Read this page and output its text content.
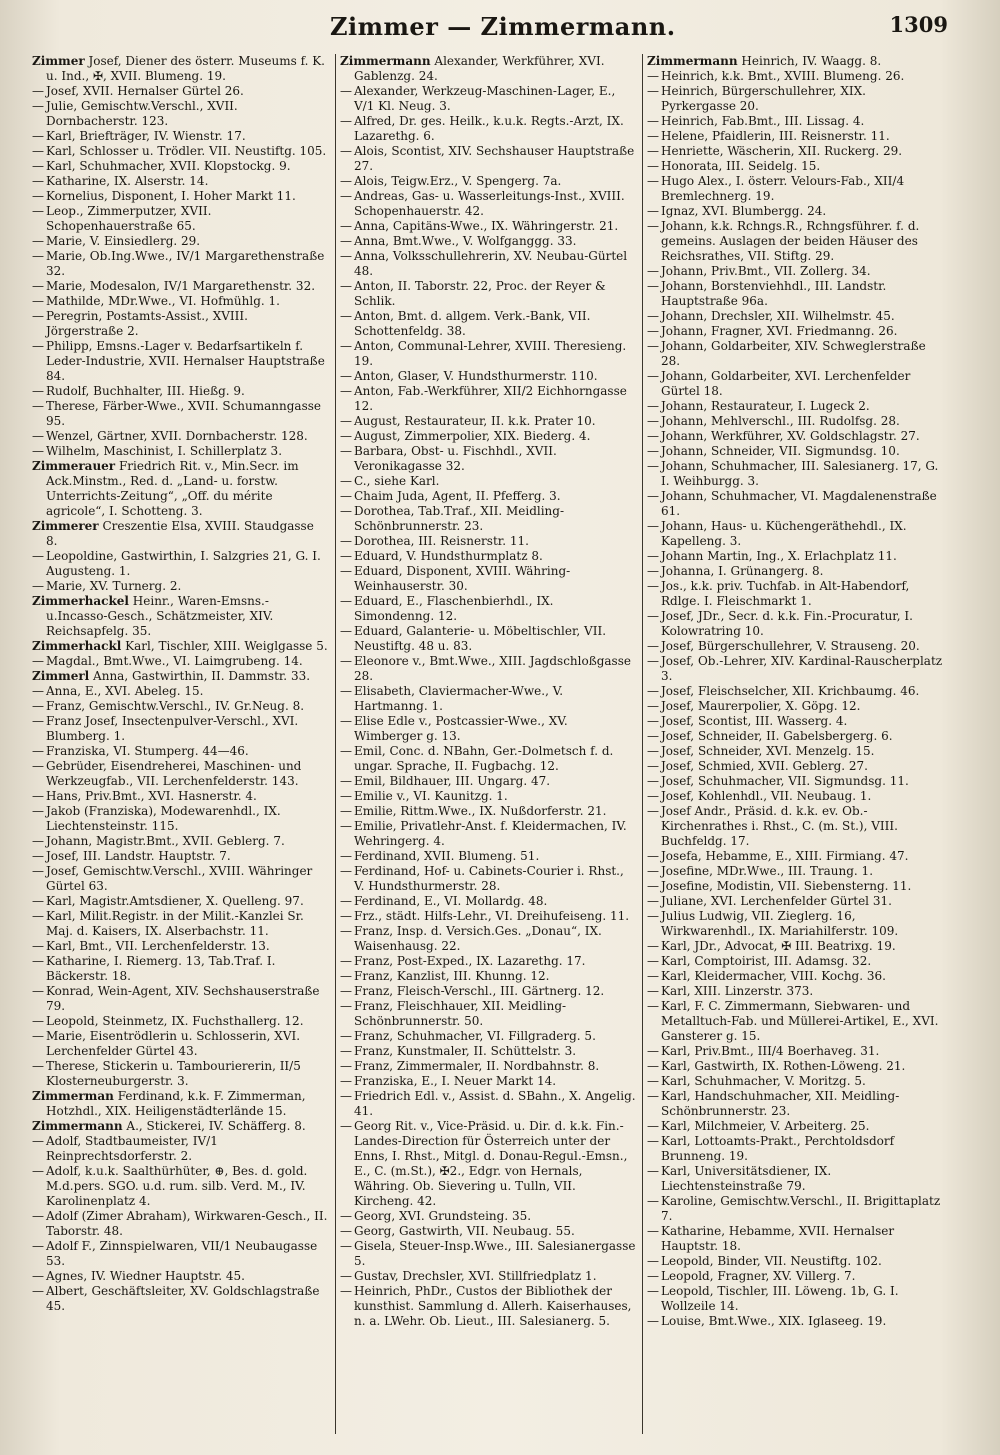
Zimmer — Zimmermann.	1309
Zimmer Josef, Diener des österr. Museums f. K. u. Ind., ✠, XVII. Blumeng. 19.
— Josef, XVII. Hernalser Gürtel 26.
— Julie, Gemischtw.Verschl., XVII. Dornbacherstr. 123.
— Karl, Briefträger, IV. Wienstr. 17.
— Karl, Schlosser u. Trödler. VII. Neustiftg. 105.
— Karl, Schuhmacher, XVII. Klopstockg. 9.
— Katharine, IX. Alserstr. 14.
— Kornelius, Disponent, I. Hoher Markt 11.
— Leop., Zimmerputzer, XVII. Schopenhauerstraße 65.
— Marie, V. Einsiedlerg. 29.
— Marie, Ob.Ing.Wwe., IV/1 Margarethenstraße 32.
— Marie, Modesalon, IV/1 Margarethenstr. 32.
— Mathilde, MDr.Wwe., VI. Hofmühlg. 1.
— Peregrin, Postamts-Assist., XVIII. Jörgerstraße 2.
— Philipp, Emsns.-Lager v. Bedarfsartikeln f. Leder-Industrie, XVII. Hernalser Hauptstraße 84.
— Rudolf, Buchhalter, III. Hießg. 9.
— Therese, Färber-Wwe., XVII. Schumanngasse 95.
— Wenzel, Gärtner, XVII. Dornbacherstr. 128.
— Wilhelm, Maschinist, I. Schillerplatz 3.
Zimmerauer Friedrich Rit. v., Min.Secr. im Ack.Minstm., Red. d. „Land- u. forstw. Unterrichts-Zeitung“, „Off. du mérite agricole“, I. Schotteng. 3.
Zimmerer Creszentie Elsa, XVIII. Staudgasse 8.
— Leopoldine, Gastwirthin, I. Salzgries 21, G. I. Augusteng. 1.
— Marie, XV. Turnerg. 2.
Zimmerhackel Heinr., Waren-Emsns.-u.Incasso-Gesch., Schätzmeister, XIV. Reichsapfelg. 35.
Zimmerhackl Karl, Tischler, XIII. Weiglgasse 5.
— Magdal., Bmt.Wwe., VI. Laimgrubeng. 14.
Zimmerl Anna, Gastwirthin, II. Dammstr. 33.
— Anna, E., XVI. Abeleg. 15.
— Franz, Gemischtw.Verschl., IV. Gr.Neug. 8.
— Franz Josef, Insectenpulver-Verschl., XVI. Blumberg. 1.
— Franziska, VI. Stumperg. 44—46.
— Gebrüder, Eisendreherei, Maschinen- und Werkzeugfab., VII. Lerchenfelderstr. 143.
— Hans, Priv.Bmt., XVI. Hasnerstr. 4.
— Jakob (Franziska), Modewarenhdl., IX. Liechtensteinstr. 115.
— Johann, Magistr.Bmt., XVII. Geblerg. 7.
— Josef, III. Landstr. Hauptstr. 7.
— Josef, Gemischtw.Verschl., XVIII. Währinger Gürtel 63.
— Karl, Magistr.Amtsdiener, X. Quelleng. 97.
— Karl, Milit.Registr. in der Milit.-Kanzlei Sr. Maj. d. Kaisers, IX. Alserbachstr. 11.
— Karl, Bmt., VII. Lerchenfelderstr. 13.
— Katharine, I. Riemerg. 13, Tab.Traf. I. Bäckerstr. 18.
— Konrad, Wein-Agent, XIV. Sechshauserstraße 79.
— Leopold, Steinmetz, IX. Fuchsthallerg. 12.
— Marie, Eisentrödlerin u. Schlosserin, XVI. Lerchenfelder Gürtel 43.
— Therese, Stickerin u. Tambouriererin, II/5 Klosterneuburgerstr. 3.
Zimmerman Ferdinand, k.k. F. Zimmerman, Hotzhdl., XIX. Heiligenstädterlände 15.
Zimmermann A., Stickerei, IV. Schäfferg. 8.
— Adolf, Stadtbaumeister, IV/1 Reinprechtsdorferstr. 2.
— Adolf, k.u.k. Saalthürhüter, ⊕, Bes. d. gold. M.d.pers. SGO. u.d. rum. silb. Verd. M., IV. Karolinenplatz 4.
— Adolf (Zimer Abraham), Wirkwaren-Gesch., II. Taborstr. 48.
— Adolf F., Zinnspielwaren, VII/1 Neubaugasse 53.
— Agnes, IV. Wiedner Hauptstr. 45.
— Albert, Geschäftsleiter, XV. Goldschlagstraße 45.
Zimmermann Alexander, Werkführer, XVI. Gablenzg. 24.
— Alexander, Werkzeug-Maschinen-Lager, E., V/1 Kl. Neug. 3.
— Alfred, Dr. ges. Heilk., k.u.k. Regts.-Arzt, IX. Lazarethg. 6.
— Alois, Scontist, XIV. Sechshauser Hauptstraße 27.
— Alois, Teigw.Erz., V. Spengerg. 7a.
— Andreas, Gas- u. Wasserleitungs-Inst., XVIII. Schopenhauerstr. 42.
— Anna, Capitäns-Wwe., IX. Währingerstr. 21.
— Anna, Bmt.Wwe., V. Wolfganggg. 33.
— Anna, Volksschullehrerin, XV. Neubau-Gürtel 48.
— Anton, II. Taborstr. 22, Proc. der Reyer & Schlik.
— Anton, Bmt. d. allgem. Verk.-Bank, VII. Schottenfeldg. 38.
— Anton, Communal-Lehrer, XVIII. Theresieng. 19.
— Anton, Glaser, V. Hundsthurmerstr. 110.
— Anton, Fab.-Werkführer, XII/2 Eichhorngasse 12.
— August, Restaurateur, II. k.k. Prater 10.
— August, Zimmerpolier, XIX. Biederg. 4.
— Barbara, Obst- u. Fischhdl., XVII. Veronikagasse 32.
— C., siehe Karl.
— Chaim Juda, Agent, II. Pfefferg. 3.
— Dorothea, Tab.Traf., XII. Meidling-Schönbrunnerstr. 23.
— Dorothea, III. Reisnerstr. 11.
— Eduard, V. Hundsthurmplatz 8.
— Eduard, Disponent, XVIII. Währing-Weinhauserstr. 30.
— Eduard, E., Flaschenbierhdl., IX. Simondenng. 12.
— Eduard, Galanterie- u. Möbeltischler, VII. Neustiftg. 48 u. 83.
— Eleonore v., Bmt.Wwe., XIII. Jagdschloßgasse 28.
— Elisabeth, Claviermacher-Wwe., V. Hartmanng. 1.
— Elise Edle v., Postcassier-Wwe., XV. Wimberger g. 13.
— Emil, Conc. d. NBahn, Ger.-Dolmetsch f. d. ungar. Sprache, II. Fugbachg. 12.
— Emil, Bildhauer, III. Ungarg. 47.
— Emilie v., VI. Kaunitzg. 1.
— Emilie, Rittm.Wwe., IX. Nußdorferstr. 21.
— Emilie, Privatlehr-Anst. f. Kleidermachen, IV. Wehringerg. 4.
— Ferdinand, XVII. Blumeng. 51.
— Ferdinand, Hof- u. Cabinets-Courier i. Rhst., V. Hundsthurmerstr. 28.
— Ferdinand, E., VI. Mollardg. 48.
— Frz., städt. Hilfs-Lehr., VI. Dreihufeiseng. 11.
— Franz, Insp. d. Versich.Ges. „Donau“, IX. Waisenhausg. 22.
— Franz, Post-Exped., IX. Lazarethg. 17.
— Franz, Kanzlist, III. Khunng. 12.
— Franz, Fleisch-Verschl., III. Gärtnerg. 12.
— Franz, Fleischhauer, XII. Meidling-Schönbrunnerstr. 50.
— Franz, Schuhmacher, VI. Fillgraderg. 5.
— Franz, Kunstmaler, II. Schüttelstr. 3.
— Franz, Zimmermaler, II. Nordbahnstr. 8.
— Franziska, E., I. Neuer Markt 14.
— Friedrich Edl. v., Assist. d. SBahn., X. Angelig. 41.
— Georg Rit. v., Vice-Präsid. u. Dir. d. k.k. Fin.-Landes-Direction für Österreich unter der Enns, I. Rhst., Mitgl. d. Donau-Regul.-Emsn., E., C. (m.St.), ✠2., Edgr. von Hernals, Währing. Ob. Sievering u. Tulln, VII. Kircheng. 42.
— Georg, XVI. Grundsteing. 35.
— Georg, Gastwirth, VII. Neubaug. 55.
— Gisela, Steuer-Insp.Wwe., III. Salesianergasse 5.
— Gustav, Drechsler, XVI. Stillfriedplatz 1.
— Heinrich, PhDr., Custos der Bibliothek der kunsthist. Sammlung d. Allerh. Kaiserhauses, n. a. LWehr. Ob. Lieut., III. Salesianerg. 5.
Zimmermann Heinrich, IV. Waagg. 8.
— Heinrich, k.k. Bmt., XVIII. Blumeng. 26.
— Heinrich, Bürgerschullehrer, XIX. Pyrkergasse 20.
— Heinrich, Fab.Bmt., III. Lissag. 4.
— Helene, Pfaidlerin, III. Reisnerstr. 11.
— Henriette, Wäscherin, XII. Ruckerg. 29.
— Honorata, III. Seidelg. 15.
— Hugo Alex., I. österr. Velours-Fab., XII/4 Bremlechnerg. 19.
— Ignaz, XVI. Blumbergg. 24.
— Johann, k.k. Rchngs.R., Rchngsführer. f. d. gemeins. Auslagen der beiden Häuser des Reichsrathes, VII. Stiftg. 29.
— Johann, Priv.Bmt., VII. Zollerg. 34.
— Johann, Borstenviehhdl., III. Landstr. Hauptstraße 96a.
— Johann, Drechsler, XII. Wilhelmstr. 45.
— Johann, Fragner, XVI. Friedmanng. 26.
— Johann, Goldarbeiter, XIV. Schweglerstraße 28.
— Johann, Goldarbeiter, XVI. Lerchenfelder Gürtel 18.
— Johann, Restaurateur, I. Lugeck 2.
— Johann, Mehlverschl., III. Rudolfsg. 28.
— Johann, Werkführer, XV. Goldschlagstr. 27.
— Johann, Schneider, VII. Sigmundsg. 10.
— Johann, Schuhmacher, III. Salesianerg. 17, G. I. Weihburgg. 3.
— Johann, Schuhmacher, VI. Magdalenenstraße 61.
— Johann, Haus- u. Küchengeräthehdl., IX. Kapelleng. 3.
— Johann Martin, Ing., X. Erlachplatz 11.
— Johanna, I. Grünangerg. 8.
— Jos., k.k. priv. Tuchfab. in Alt-Habendorf, Rdlge. I. Fleischmarkt 1.
— Josef, JDr., Secr. d. k.k. Fin.-Procuratur, I. Kolowratring 10.
— Josef, Bürgerschullehrer, V. Strauseng. 20.
— Josef, Ob.-Lehrer, XIV. Kardinal-Rauscherplatz 3.
— Josef, Fleischselcher, XII. Krichbaumg. 46.
— Josef, Maurerpolier, X. Göpg. 12.
— Josef, Scontist, III. Wasserg. 4.
— Josef, Schneider, II. Gabelsbergerg. 6.
— Josef, Schneider, XVI. Menzelg. 15.
— Josef, Schmied, XVII. Geblerg. 27.
— Josef, Schuhmacher, VII. Sigmundsg. 11.
— Josef, Kohlenhdl., VII. Neubaug. 1.
— Josef Andr., Präsid. d. k.k. ev. Ob.-Kirchenrathes i. Rhst., C. (m. St.), VIII. Buchfeldg. 17.
— Josefa, Hebamme, E., XIII. Firmiang. 47.
— Josefine, MDr.Wwe., III. Traung. 1.
— Josefine, Modistin, VII. Siebensterng. 11.
— Juliane, XVI. Lerchenfelder Gürtel 31.
— Julius Ludwig, VII. Zieglerg. 16, Wirkwarenhdl., IX. Mariahilferstr. 109.
— Karl, JDr., Advocat, ✠ III. Beatrixg. 19.
— Karl, Comptoirist, III. Adamsg. 32.
— Karl, Kleidermacher, VIII. Kochg. 36.
— Karl, XIII. Linzerstr. 373.
— Karl, F. C. Zimmermann, Siebwaren- und Metalltuch-Fab. und Müllerei-Artikel, E., XVI. Gansterer g. 15.
— Karl, Priv.Bmt., III/4 Boerhaveg. 31.
— Karl, Gastwirth, IX. Rothen-Löweng. 21.
— Karl, Schuhmacher, V. Moritzg. 5.
— Karl, Handschuhmacher, XII. Meidling-Schönbrunnerstr. 23.
— Karl, Milchmeier, V. Arbeiterg. 25.
— Karl, Lottoamts-Prakt., Perchtoldsdorf Brunneng. 19.
— Karl, Universitätsdiener, IX. Liechtensteinstraße 79.
— Karoline, Gemischtw.Verschl., II. Brigittaplatz 7.
— Katharine, Hebamme, XVII. Hernalser Hauptstr. 18.
— Leopold, Binder, VII. Neustiftg. 102.
— Leopold, Fragner, XV. Villerg. 7.
— Leopold, Tischler, III. Löweng. 1b, G. I. Wollzeile 14.
— Louise, Bmt.Wwe., XIX. Iglaseeg. 19.
